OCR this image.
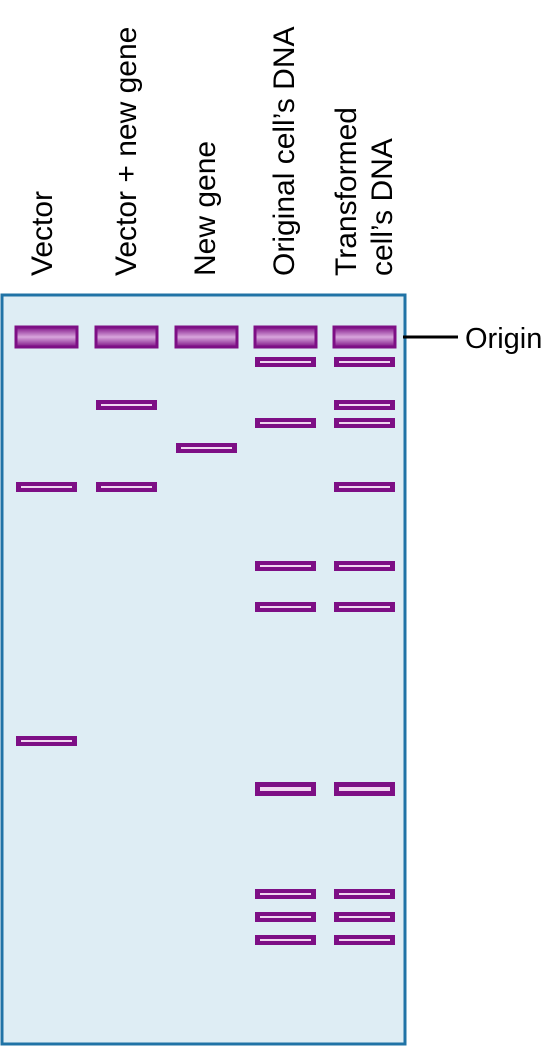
Vector Vector + new gene New gene Original cell’s DNA Transformed cell’s DNA
Origin
